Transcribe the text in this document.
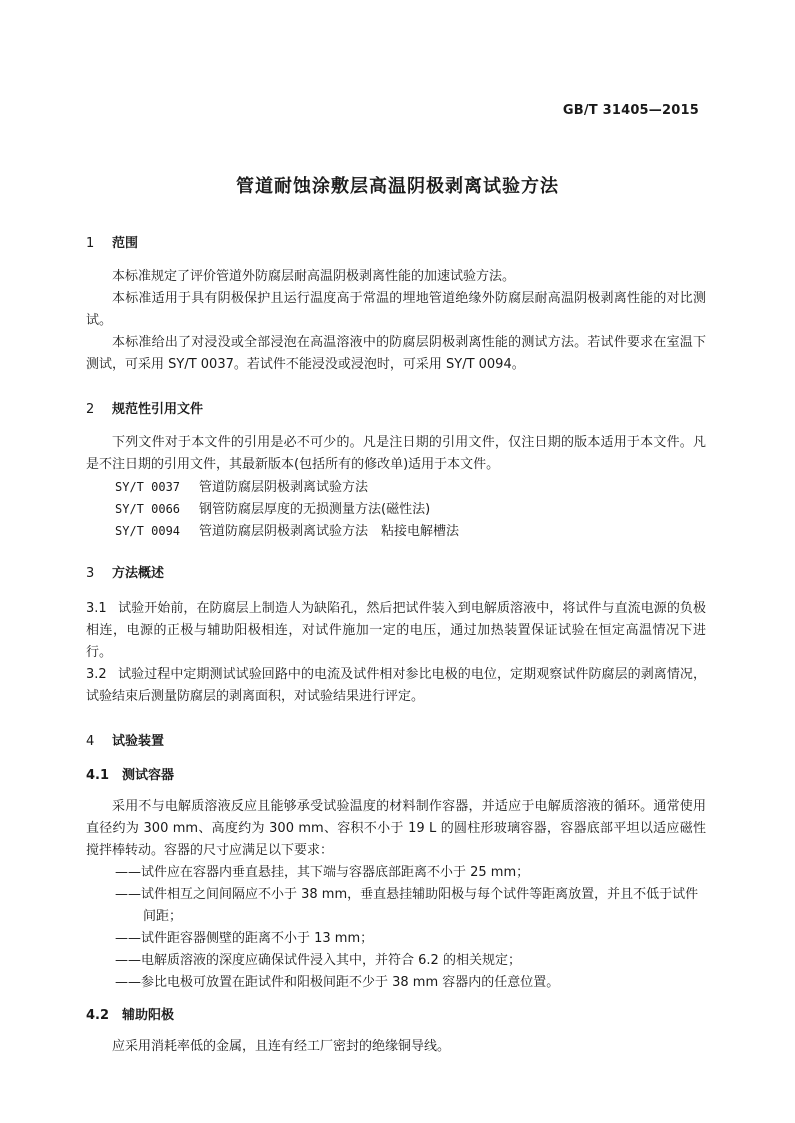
GB/T 31405—2015
管道耐蚀涂敷层高温阴极剥离试验方法
1 范围
本标准规定了评价管道外防腐层耐高温阴极剥离性能的加速试验方法。
本标准适用于具有阴极保护且运行温度高于常温的埋地管道绝缘外防腐层耐高温阴极剥离性能的对比测试。
本标准给出了对浸没或全部浸泡在高温溶液中的防腐层阴极剥离性能的测试方法。若试件要求在室温下测试，可采用 SY/T 0037。若试件不能浸没或浸泡时，可采用 SY/T 0094。
2 规范性引用文件
下列文件对于本文件的引用是必不可少的。凡是注日期的引用文件，仅注日期的版本适用于本文件。凡是不注日期的引用文件，其最新版本(包括所有的修改单)适用于本文件。
SY/T 0037 管道防腐层阴极剥离试验方法
SY/T 0066 钢管防腐层厚度的无损测量方法(磁性法)
SY/T 0094 管道防腐层阴极剥离试验方法　粘接电解槽法
3 方法概述
3.1 试验开始前，在防腐层上制造人为缺陷孔，然后把试件装入到电解质溶液中，将试件与直流电源的负极相连，电源的正极与辅助阳极相连，对试件施加一定的电压，通过加热装置保证试验在恒定高温情况下进行。
3.2 试验过程中定期测试试验回路中的电流及试件相对参比电极的电位，定期观察试件防腐层的剥离情况，试验结束后测量防腐层的剥离面积，对试验结果进行评定。
4 试验装置
4.1 测试容器
采用不与电解质溶液反应且能够承受试验温度的材料制作容器，并适应于电解质溶液的循环。通常使用直径约为 300 mm、高度约为 300 mm、容积不小于 19 L 的圆柱形玻璃容器，容器底部平坦以适应磁性搅拌棒转动。容器的尺寸应满足以下要求：
——试件应在容器内垂直悬挂，其下端与容器底部距离不小于 25 mm；
——试件相互之间间隔应不小于 38 mm，垂直悬挂辅助阳极与每个试件等距离放置，并且不低于试件间距；
——试件距容器侧壁的距离不小于 13 mm；
——电解质溶液的深度应确保试件浸入其中，并符合 6.2 的相关规定；
——参比电极可放置在距试件和阳极间距不少于 38 mm 容器内的任意位置。
4.2 辅助阳极
应采用消耗率低的金属，且连有经工厂密封的绝缘铜导线。
